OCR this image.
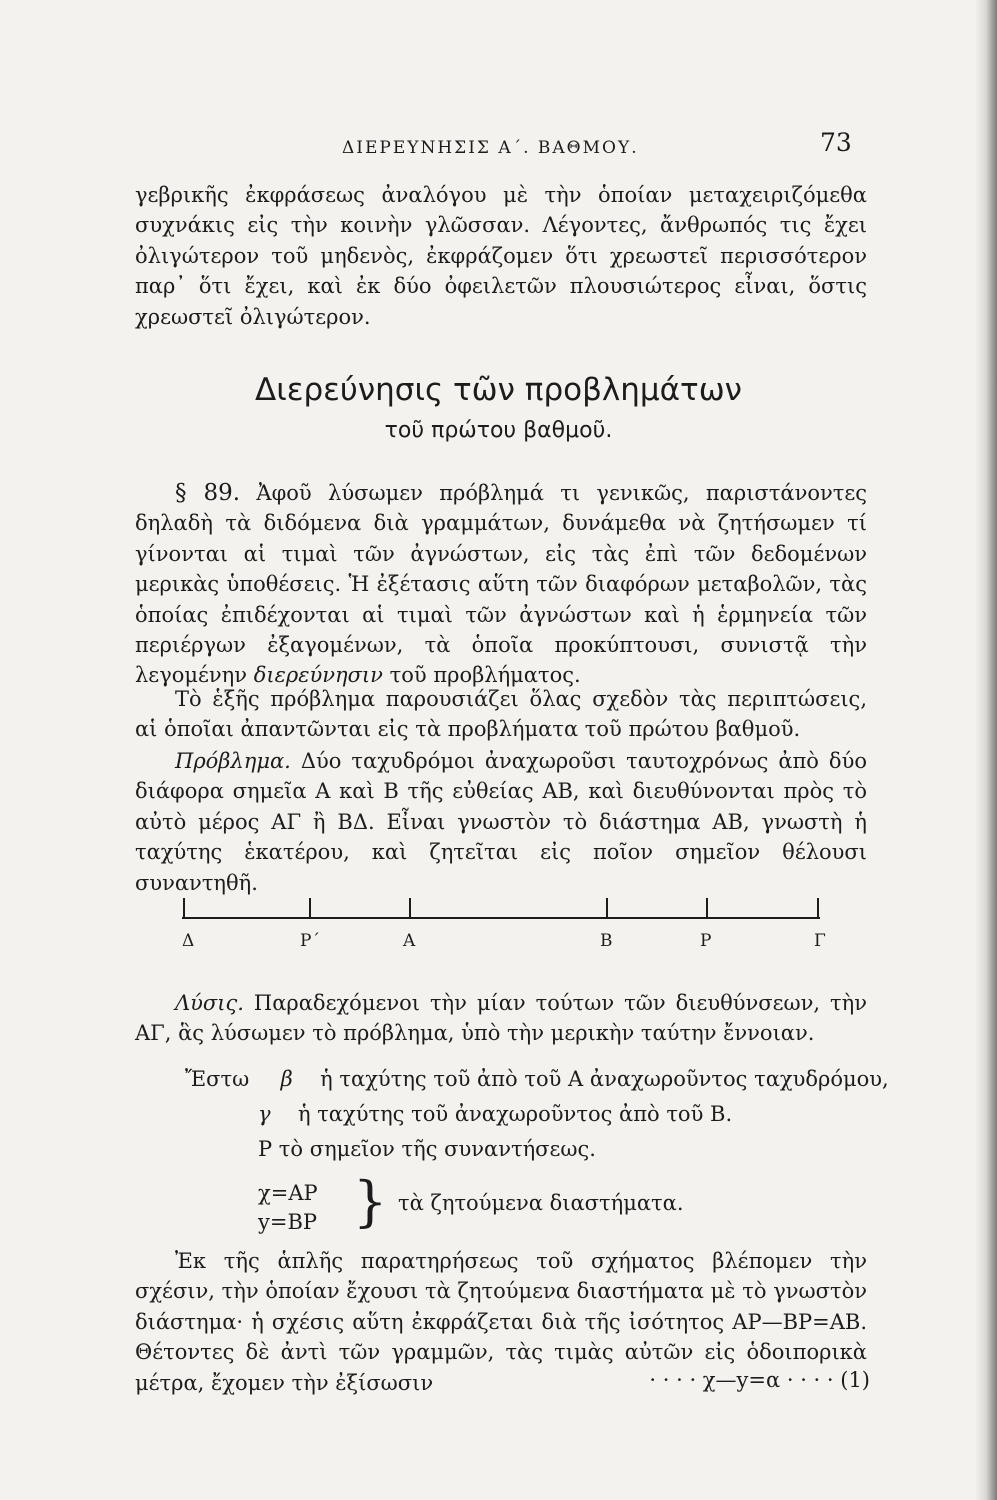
ΔΙΕΡΕΥΝΗΣΙΣ Α΄. ΒΑΘΜΟΥ.	73
γεβρικῆς ἐκφράσεως ἀναλόγου μὲ τὴν ὁποίαν μεταχειριζόμεθα συχνάκις εἰς τὴν κοινὴν γλῶσσαν. Λέγοντες, ἄνθρωπός τις ἔχει ὀλιγώτερον τοῦ μηδενὸς, ἐκφράζομεν ὅτι χρεωστεῖ περισσότερον παρ᾿ ὅτι ἔχει, καὶ ἐκ δύο ὀφειλετῶν πλουσιώτερος εἶναι, ὅστις χρεωστεῖ ὀλιγώτερον.
Διερεύνησις τῶν προβλημάτων
τοῦ πρώτου βαθμοῦ.
§ 89. Ἀφοῦ λύσωμεν πρόβλημά τι γενικῶς, παριστάνοντες δηλαδὴ τὰ διδόμενα διὰ γραμμάτων, δυνάμεθα νὰ ζητήσωμεν τί γίνονται αἱ τιμαὶ τῶν ἀγνώστων, εἰς τὰς ἐπὶ τῶν δεδομένων μερικὰς ὑποθέσεις. Ἡ ἐξέτασις αὕτη τῶν διαφόρων μεταβολῶν, τὰς ὁποίας ἐπιδέχονται αἱ τιμαὶ τῶν ἀγνώστων καὶ ἡ ἑρμηνεία τῶν περιέργων ἐξαγομένων, τὰ ὁποῖα προκύπτουσι, συνιστᾷ τὴν λεγομένην διερεύνησιν τοῦ προβλήματος.
Τὸ ἑξῆς πρόβλημα παρουσιάζει ὅλας σχεδὸν τὰς περιπτώσεις, αἱ ὁποῖαι ἀπαντῶνται εἰς τὰ προβλήματα τοῦ πρώτου βαθμοῦ.
Πρόβλημα. Δύο ταχυδρόμοι ἀναχωροῦσι ταυτοχρόνως ἀπὸ δύο διάφορα σημεῖα Α καὶ Β τῆς εὐθείας ΑΒ, καὶ διευθύνονται πρὸς τὸ αὐτὸ μέρος ΑΓ ἢ ΒΔ. Εἶναι γνωστὸν τὸ διάστημα ΑΒ, γνωστὴ ἡ ταχύτης ἑκατέρου, καὶ ζητεῖται εἰς ποῖον σημεῖον θέλουσι συναντηθῆ.
Δ	Ρ΄	Α	Β	Ρ	Γ
Λύσις. Παραδεχόμενοι τὴν μίαν τούτων τῶν διευθύνσεων, τὴν ΑΓ, ἃς λύσωμεν τὸ πρόβλημα, ὑπὸ τὴν μερικὴν ταύτην ἔννοιαν.
Ἔστω β ἡ ταχύτης τοῦ ἀπὸ τοῦ Α ἀναχωροῦντος ταχυδρόμου,
γ ἡ ταχύτης τοῦ ἀναχωροῦντος ἀπὸ τοῦ Β.
Ρ τὸ σημεῖον τῆς συναντήσεως.
χ=ΑΡ
y=ΒΡ } τὰ ζητούμενα διαστήματα.
Ἐκ τῆς ἁπλῆς παρατηρήσεως τοῦ σχήματος βλέπομεν τὴν σχέσιν, τὴν ὁποίαν ἔχουσι τὰ ζητούμενα διαστήματα μὲ τὸ γνωστὸν διάστημα· ἡ σχέσις αὕτη ἐκφράζεται διὰ τῆς ἰσότητος ΑΡ—ΒΡ=ΑΒ. Θέτοντες δὲ ἀντὶ τῶν γραμμῶν, τὰς τιμὰς αὐτῶν εἰς ὁδοιπορικὰ μέτρα, ἔχομεν τὴν ἐξίσωσιν	· · · · χ—y=α · · · · (1)
